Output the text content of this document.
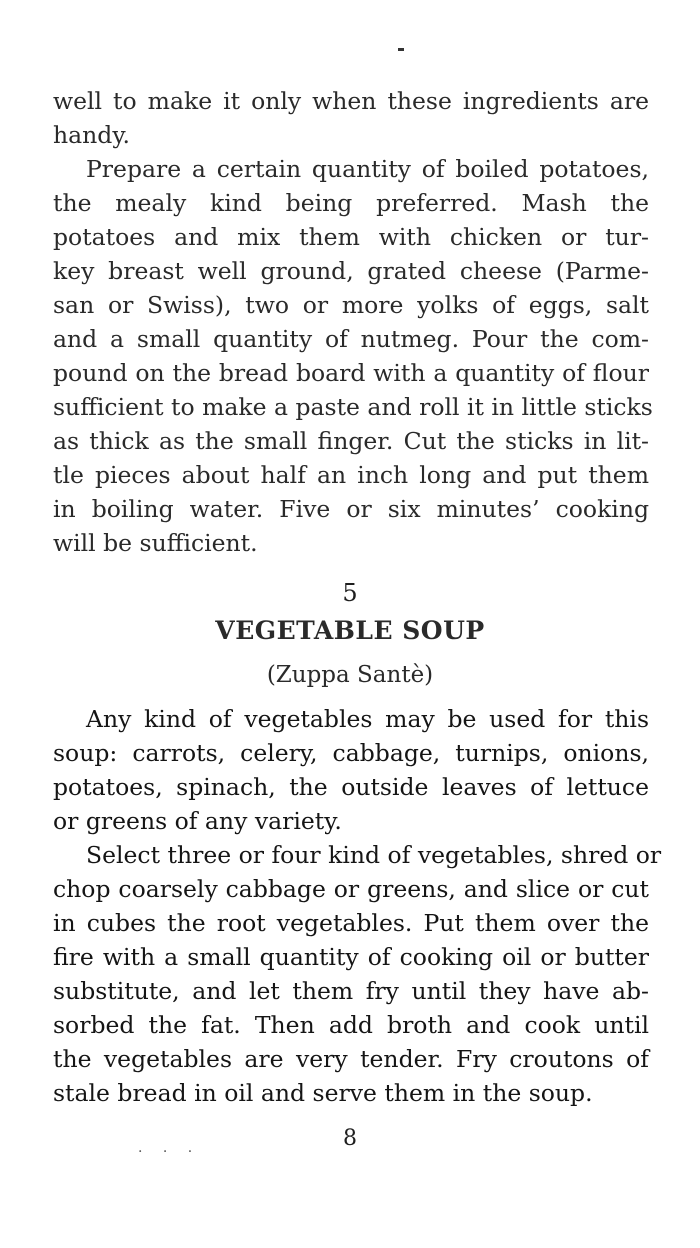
well to make it only when these ingredients are
handy.
Prepare a certain quantity of boiled potatoes,
the mealy kind being preferred. Mash the
potatoes and mix them with chicken or tur-
key breast well ground, grated cheese (Parme-
san or Swiss), two or more yolks of eggs, salt
and a small quantity of nutmeg. Pour the com-
pound on the bread board with a quantity of flour
sufficient to make a paste and roll it in little sticks
as thick as the small finger. Cut the sticks in lit-
tle pieces about half an inch long and put them
in boiling water. Five or six minutes’ cooking
will be sufficient.
5
VEGETABLE SOUP
(Zuppa Santè)
Any kind of vegetables may be used for this
soup: carrots, celery, cabbage, turnips, onions,
potatoes, spinach, the outside leaves of lettuce
or greens of any variety.
Select three or four kind of vegetables, shred or
chop coarsely cabbage or greens, and slice or cut
in cubes the root vegetables. Put them over the
fire with a small quantity of cooking oil or butter
substitute, and let them fry until they have ab-
sorbed the fat. Then add broth and cook until
the vegetables are very tender. Fry croutons of
stale bread in oil and serve them in the soup.
· · ·
8
